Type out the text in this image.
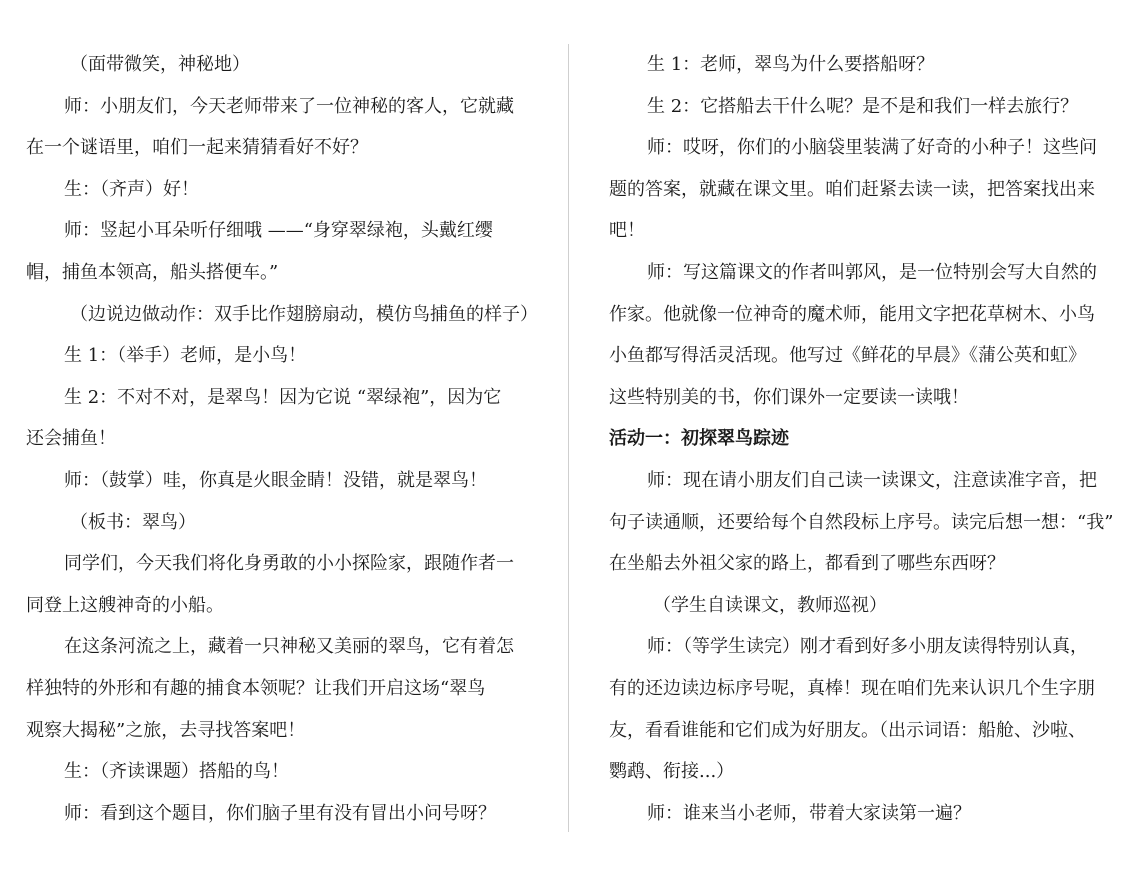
（面带微笑，神秘地）
师：小朋友们，今天老师带来了一位神秘的客人，它就藏
在一个谜语里，咱们一起来猜猜看好不好？
生：（齐声）好！
师：竖起小耳朵听仔细哦 ——“身穿翠绿袍，头戴红缨
帽，捕鱼本领高，船头搭便车。”
（边说边做动作：双手比作翅膀扇动，模仿鸟捕鱼的样子）
生 1：（举手）老师，是小鸟！
生 2：不对不对，是翠鸟！因为它说 “翠绿袍”，因为它
还会捕鱼！
师：（鼓掌）哇，你真是火眼金睛！没错，就是翠鸟！
（板书：翠鸟）
同学们，今天我们将化身勇敢的小小探险家，跟随作者一
同登上这艘神奇的小船。
在这条河流之上，藏着一只神秘又美丽的翠鸟，它有着怎
样独特的外形和有趣的捕食本领呢？让我们开启这场“翠鸟
观察大揭秘”之旅，去寻找答案吧！
生：（齐读课题）搭船的鸟！
师：看到这个题目，你们脑子里有没有冒出小问号呀？
生 1：老师，翠鸟为什么要搭船呀？
生 2：它搭船去干什么呢？是不是和我们一样去旅行？
师：哎呀，你们的小脑袋里装满了好奇的小种子！这些问
题的答案，就藏在课文里。咱们赶紧去读一读，把答案找出来
吧！
师：写这篇课文的作者叫郭风，是一位特别会写大自然的
作家。他就像一位神奇的魔术师，能用文字把花草树木、小鸟
小鱼都写得活灵活现。他写过《鲜花的早晨》《蒲公英和虹》
这些特别美的书，你们课外一定要读一读哦！
活动一：初探翠鸟踪迹
师：现在请小朋友们自己读一读课文，注意读准字音，把
句子读通顺，还要给每个自然段标上序号。读完后想一想：“我”
在坐船去外祖父家的路上，都看到了哪些东西呀？
（学生自读课文，教师巡视）
师：（等学生读完）刚才看到好多小朋友读得特别认真，
有的还边读边标序号呢，真棒！现在咱们先来认识几个生字朋
友，看看谁能和它们成为好朋友。（出示词语：船舱、沙啦、
鹦鹉、衔接...）
师：谁来当小老师，带着大家读第一遍？
